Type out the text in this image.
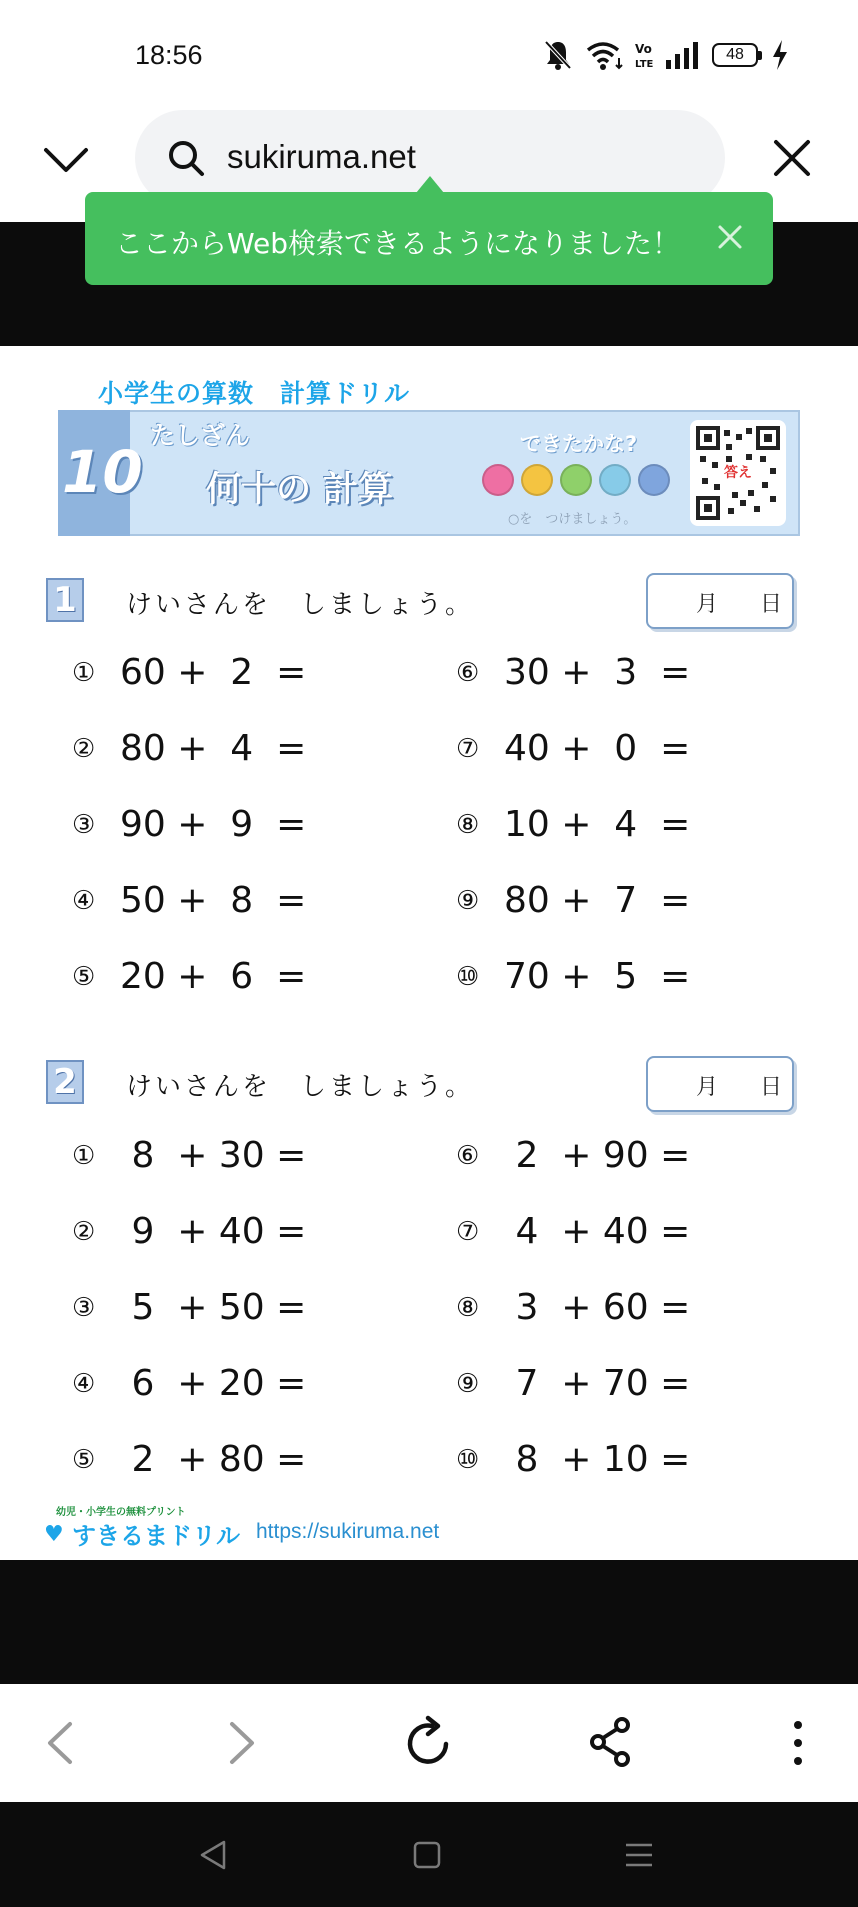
18:56	Vo
LTE
48
sukiruma.net
ここからWeb検索できるようになりました！
小学生の算数　計算ドリル
10
たしざん
何十の 計算
できたかな?
○を　つけましょう。
答え
1 けいさんを　しましょう。	月 日
① 60 +  2  =
② 80 +  4  =
③ 90 +  9  =
④ 50 +  8  =
⑤ 20 +  6  =
⑥ 30 +  3  =
⑦ 40 +  0  =
⑧ 10 +  4  =
⑨ 80 +  7  =
⑩ 70 +  5  =
2 けいさんを　しましょう。	月 日
① 8  + 30 =
② 9  + 40 =
③ 5  + 50 =
④ 6  + 20 =
⑤ 2  + 80 =
⑥ 2  + 90 =
⑦ 4  + 40 =
⑧ 3  + 60 =
⑨ 7  + 70 =
⑩ 8  + 10 =
幼児・小学生の無料プリント
♥ すきるまドリル https://sukiruma.net
